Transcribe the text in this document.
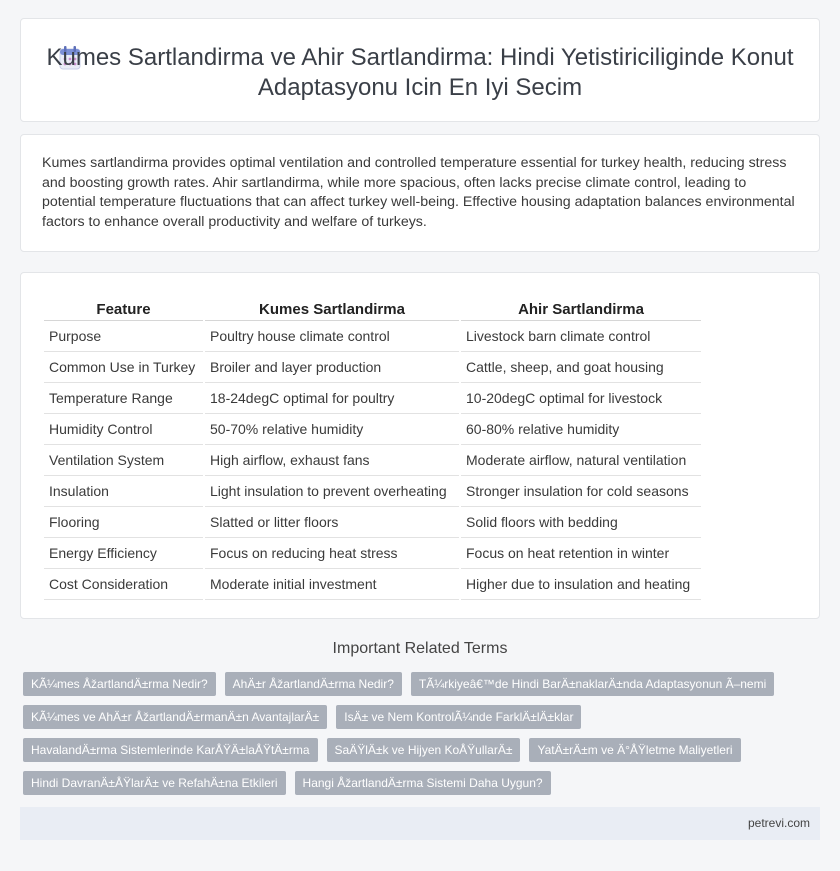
Kumes Sartlandirma ve Ahir Sartlandirma: Hindi Yetistiriciliginde Konut Adaptasyonu Icin En Iyi Secim

Kumes sartlandirma provides optimal ventilation and controlled temperature essential for turkey health, reducing stress and boosting growth rates. Ahir sartlandirma, while more spacious, often lacks precise climate control, leading to potential temperature fluctuations that can affect turkey well-being. Effective housing adaptation balances environmental factors to enhance overall productivity and welfare of turkeys.

Feature	Kumes Sartlandirma	Ahir Sartlandirma
Purpose	Poultry house climate control	Livestock barn climate control
Common Use in Turkey	Broiler and layer production	Cattle, sheep, and goat housing
Temperature Range	18-24degC optimal for poultry	10-20degC optimal for livestock
Humidity Control	50-70% relative humidity	60-80% relative humidity
Ventilation System	High airflow, exhaust fans	Moderate airflow, natural ventilation
Insulation	Light insulation to prevent overheating	Stronger insulation for cold seasons
Flooring	Slatted or litter floors	Solid floors with bedding
Energy Efficiency	Focus on reducing heat stress	Focus on heat retention in winter
Cost Consideration	Moderate initial investment	Higher due to insulation and heating
Important Related Terms
KÃ¼mes ÅžartlandÄ±rma Nedir?	AhÄ±r ÅžartlandÄ±rma Nedir?	TÃ¼rkiyeâ€™de Hindi BarÄ±naklarÄ±nda Adaptasyonun Ã–nemi
KÃ¼mes ve AhÄ±r ÅžartlandÄ±rmanÄ±n AvantajlarÄ±	IsÄ± ve Nem KontrolÃ¼nde FarklÄ±lÄ±klar
HavalandÄ±rma Sistemlerinde KarÅŸÄ±laÅŸtÄ±rma	SaÄŸlÄ±k ve Hijyen KoÅŸullarÄ±	YatÄ±rÄ±m ve Ä°ÅŸletme Maliyetleri
Hindi DavranÄ±ÅŸlarÄ± ve RefahÄ±na Etkileri	Hangi ÅžartlandÄ±rma Sistemi Daha Uygun?
petrevi.com
